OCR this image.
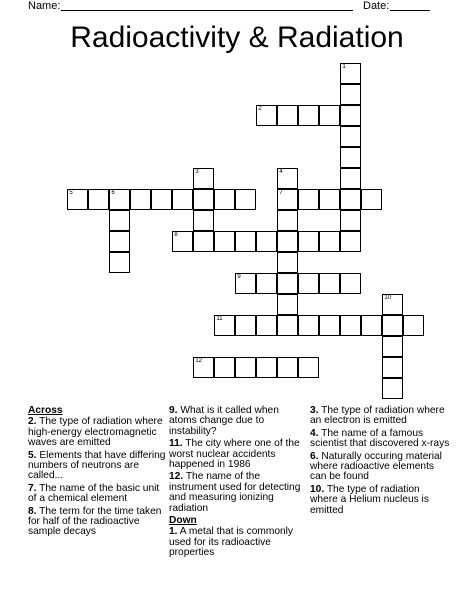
Name:	Date:
Radioactivity & Radiation
1
2
3	4
7
5	6
8
9
10
11
12
Across
2. The type of radiation where high-energy electromagnetic waves are emitted
5. Elements that have differing numbers of neutrons are called...
7. The name of the basic unit of a chemical element
8. The term for the time taken for half of the radioactive sample decays
9. What is it called when atoms change due to instability?
11. The city where one of the worst nuclear accidents happened in 1986
12. The name of the instrument used for detecting and measuring ionizing radiation
Down
1. A metal that is commonly used for its radioactive properties
3. The type of radiation where an electron is emitted
4. The name of a famous scientist that discovered x-rays
6. Naturally occuring material where radioactive elements can be found
10. The type of radiation where a Helium nucleus is emitted
